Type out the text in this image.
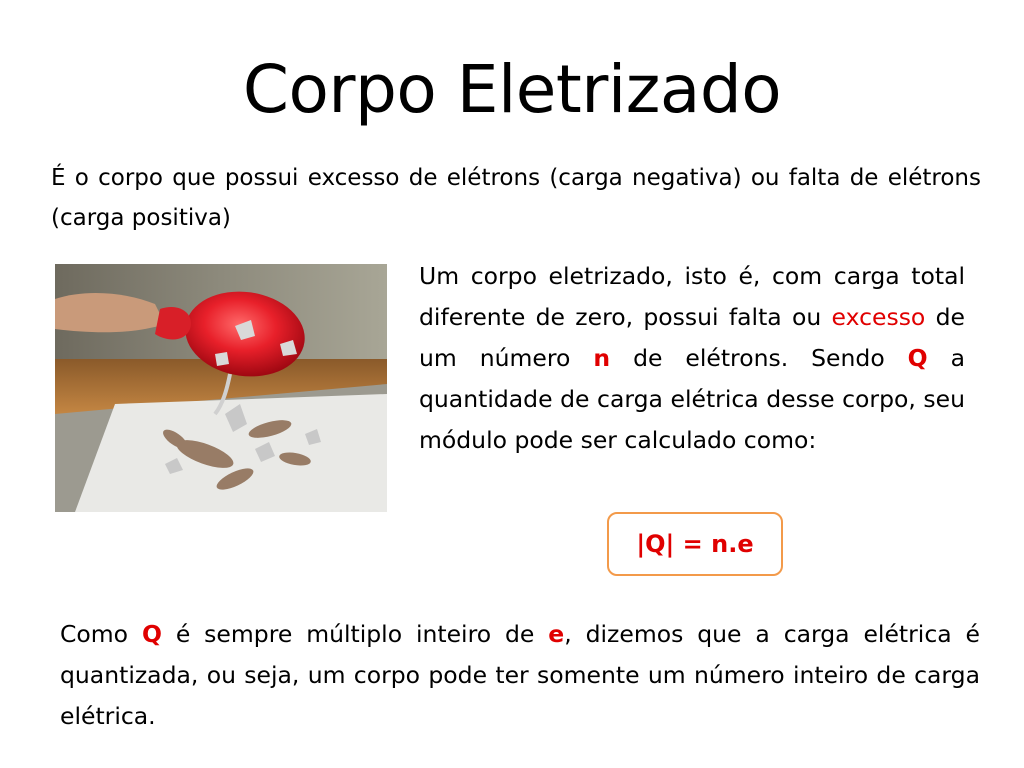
Corpo Eletrizado
É o corpo que possui excesso de elétrons (carga negativa) ou falta de elétrons (carga positiva)
Um corpo eletrizado, isto é, com carga total diferente de zero, possui falta ou excesso de um número n de elétrons. Sendo Q a quantidade de carga elétrica desse corpo, seu módulo pode ser calculado como:
|Q| = n.e
Como Q é sempre múltiplo inteiro de e, dizemos que a carga elétrica é quantizada, ou seja, um corpo pode ter somente um número inteiro de carga elétrica.
